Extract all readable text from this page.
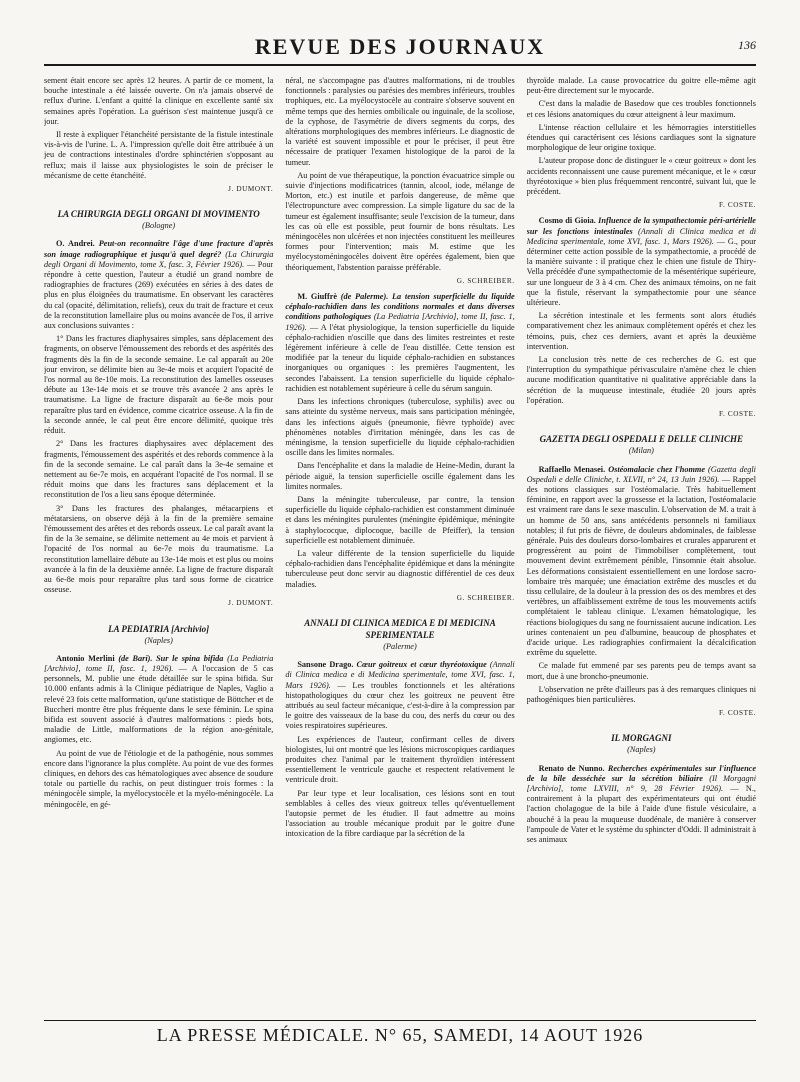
REVUE DES JOURNAUX	136

sement était encore sec après 12 heures. A partir de ce moment, la bouche intestinale a été laissée ouverte. On n'a jamais observé de reflux d'urine. L'enfant a quitté la clinique en excellente santé six semaines après l'opération. La guérison s'est maintenue jusqu'à ce jour.

Il reste à expliquer l'étanchéité persistante de la fistule intestinale vis-à-vis de l'urine. L. A. l'impression qu'elle doit être attribuée à un jeu de contractions intestinales d'ordre sphinctérien s'opposant au reflux; mais il laisse aux physiologistes le soin de préciser le mécanisme de cette étanchéité.

J. DUMONT.
LA CHIRURGIA DEGLI ORGANI DI MOVIMENTO
(Bologne)

O. Andrei. Peut-on reconnaître l'âge d'une fracture d'après son image radiographique et jusqu'à quel degré? (La Chirurgia degli Organi di Movimento, tome X, fasc. 3, Février 1926). — Pour répondre à cette question, l'auteur a étudié un grand nombre de radiographies de fractures (269) exécutées en séries à des dates de plus en plus éloignées du traumatisme. En observant les caractères du cal (opacité, délimitation, reliefs), ceux du trait de fracture et ceux de la reconstitution lamellaire plus ou moins avancée de l'os, il arrive aux conclusions suivantes :

1° Dans les fractures diaphysaires simples, sans déplacement des fragments, on observe l'émoussement des rebords et des aspérités des fragments dès la fin de la seconde semaine. Le cal apparaît au 20e jour environ, se délimite bien au 3e-4e mois et acquiert l'opacité de l'os normal au 8e-10e mois. La reconstitution des lamelles osseuses débute au 13e-14e mois et se trouve très avancée 2 ans après le traumatisme. La ligne de fracture disparaît au 6e-8e mois pour reparaître plus tard en évidence, comme cicatrice osseuse. A la fin de la seconde année, le cal peut être encore délimité, quoique très réduit.

2° Dans les fractures diaphysaires avec déplacement des fragments, l'émoussement des aspérités et des rebords commence à la fin de la seconde semaine. Le cal paraît dans la 3e-4e semaine et nettement au 6e-7e mois, en acquérant l'opacité de l'os normal. Il se réduit moins que dans les fractures sans déplacement et la reconstitution de l'os a lieu sans époque déterminée.

3° Dans les fractures des phalanges, métacarpiens et métatarsiens, on observe déjà à la fin de la première semaine l'émoussement des arêtes et des rebords osseux. Le cal paraît avant la fin de la 3e semaine, se délimite nettement au 4e mois et parvient à l'opacité de l'os normal au 6e-7e mois du traumatisme. La reconstitution lamellaire débute au 13e-14e mois et est plus ou moins avancée à la fin de la deuxième année. La ligne de fracture disparaît au 6e-8e mois pour reparaître plus tard sous forme de cicatrice osseuse.

J. DUMONT.
LA PEDIATRIA [Archivio]
(Naples)

Antonio Merlini (de Bari). Sur le spina bifida (La Pediatria [Archivio], tome II, fasc. 1, 1926). — A l'occasion de 5 cas personnels, M. publie une étude détaillée sur le spina bifida. Sur 10.000 enfants admis à la Clinique pédiatrique de Naples, Vaglio a relevé 23 fois cette malformation, qu'une statistique de Böttcher et de Buccheri montre être plus fréquente dans le sexe féminin. Le spina bifida est souvent associé à d'autres malformations : pieds bots, maladie de Little, malformations de la région ano-génitale, angiomes, etc.

Au point de vue de l'étiologie et de la pathogénie, nous sommes encore dans l'ignorance la plus complète. Au point de vue des formes cliniques, en dehors des cas hématologiques avec absence de soudure totale ou partielle du rachis, on peut distinguer trois formes : la méningocèle simple, la myélocystocèle et la myélo-méningocèle. La méningocèle, en gé-

néral, ne s'accompagne pas d'autres malformations, ni de troubles fonctionnels : paralysies ou parésies des membres inférieurs, troubles trophiques, etc. La myélocystocèle au contraire s'observe souvent en même temps que des hernies ombilicale ou inguinale, de la scoliose, de la cyphose, de l'asymétrie de divers segments du corps, des altérations morphologiques des membres inférieurs. Le diagnostic de la variété est souvent impossible et pour le préciser, il peut être nécessaire de pratiquer l'examen histologique de la paroi de la tumeur.

Au point de vue thérapeutique, la ponction évacuatrice simple ou suivie d'injections modificatrices (tannin, alcool, iode, mélange de Morton, etc.) est inutile et parfois dangereuse, de même que l'électropuncture avec compression. La simple ligature du sac de la tumeur est également insuffisante; seule l'excision de la tumeur, dans les cas où elle est possible, peut fournir de bons résultats. Les méningocèles non ulcérées et non injectées constituent les meilleures formes pour l'intervention; mais M. estime que les myélocystoméningocèles doivent être opérées également, bien que théoriquement, l'abstention paraisse préférable.

G. SCHREIBER.

M. Giuffrè (de Palerme). La tension superficielle du liquide céphalo-rachidien dans les conditions normales et dans diverses conditions pathologiques (La Pediatria [Archivio], tome II, fasc. 1, 1926). — A l'état physiologique, la tension superficielle du liquide céphalo-rachidien n'oscille que dans des limites restreintes et reste légèrement inférieure à celle de l'eau distillée. Cette tension est modifiée par la teneur du liquide céphalo-rachidien en substances inorganiques ou organiques : les premières l'augmentent, les secondes l'abaissent. La tension superficielle du liquide céphalo-rachidien est notablement supérieure à celle du sérum sanguin.

Dans les infections chroniques (tuberculose, syphilis) avec ou sans atteinte du système nerveux, mais sans participation méningée, dans les infections aiguës (pneumonie, fièvre typhoïde) avec phénomènes notables d'irritation méningée, dans les cas de méningisme, la tension superficielle du liquide céphalo-rachidien oscille dans les limites normales.

Dans l'encéphalite et dans la maladie de Heine-Medin, durant la période aiguë, la tension superficielle oscille également dans les limites normales.

Dans la méningite tuberculeuse, par contre, la tension superficielle du liquide céphalo-rachidien est constamment diminuée et dans les méningites purulentes (méningite épidémique, méningite à staphylococque, diplocoque, bacille de Pfeiffer), la tension superficielle est notablement diminuée.

La valeur différente de la tension superficielle du liquide céphalo-rachidien dans l'encéphalite épidémique et dans la méningite tuberculeuse peut donc servir au diagnostic différentiel de ces deux maladies.

G. SCHREIBER.
ANNALI DI CLINICA MEDICA E DI MEDICINA SPERIMENTALE
(Palerme)

Sansone Drago. Cœur goitreux et cœur thyréotoxique (Annali di Clinica medica e di Medicina sperimentale, tome XVI, fasc. 1, Mars 1926). — Les troubles fonctionnels et les altérations histopathologiques du cœur chez les goitreux ne peuvent être attribués au seul facteur mécanique, c'est-à-dire à la compression par le goitre des vaisseaux de la base du cou, des nerfs du cœur ou des voies respiratoires supérieures.

Les expériences de l'auteur, confirmant celles de divers biologistes, lui ont montré que les lésions microscopiques cardiaques produites chez l'animal par le traitement thyroïdien intéressent essentiellement le ventricule gauche et respectent relativement le ventricule droit.

Par leur type et leur localisation, ces lésions sont en tout semblables à celles des vieux goitreux telles qu'éventuellement l'autopsie permet de les étudier. Il faut admettre au moins l'association au trouble mécanique produit par le goitre d'une intoxication de la fibre cardiaque par la sécrétion de la

thyroïde malade. La cause provocatrice du goitre elle-même agit peut-être directement sur le myocarde.

C'est dans la maladie de Basedow que ces troubles fonctionnels et ces lésions anatomiques du cœur atteignent à leur maximum.

L'intense réaction cellulaire et les hémorragies interstitielles étendues qui caractérisent ces lésions cardiaques sont la signature morphologique de leur origine toxique.

L'auteur propose donc de distinguer le « cœur goitreux » dont les accidents reconnaissent une cause purement mécanique, et le « cœur thyréotoxique » bien plus fréquemment rencontré, suivant lui, que le précédent.

F. COSTE.

Cosmo di Gioia. Influence de la sympathectomie péri-artérielle sur les fonctions intestinales (Annali di Clinica medica et di Medicina sperimentale, tome XVI, fasc. 1, Mars 1926). — G., pour déterminer cette action possible de la sympathectomie, a procédé de la manière suivante : il pratique chez le chien une fistule de Thiry-Vella précédée d'une sympathectomie de la mésentérique supérieure, sur une longueur de 3 à 4 cm. Chez des animaux témoins, on ne fait que la fistule, réservant la sympathectomie pour une séance ultérieure.

La sécrétion intestinale et les ferments sont alors étudiés comparativement chez les animaux complètement opérés et chez les témoins, puis, chez ces derniers, avant et après la deuxième intervention.

La conclusion très nette de ces recherches de G. est que l'interruption du sympathique périvasculaire n'amène chez le chien aucune modification quantitative ni qualitative appréciable dans la sécrétion de la muqueuse intestinale, étudiée 20 jours après l'opération.

F. COSTE.
GAZETTA DEGLI OSPEDALI E DELLE CLINICHE
(Milan)

Raffaello Menasei. Ostéomalacie chez l'homme (Gazetta degli Ospedali e delle Cliniche, t. XLVII, n° 24, 13 Juin 1926). — Rappel des notions classiques sur l'ostéomalacie. Très habituellement féminine, en rapport avec la grossesse et la lactation, l'ostéomalacie est vraiment rare dans le sexe masculin. L'observation de M. a trait à un homme de 50 ans, sans antécédents personnels ni familiaux notables; il fut pris de fièvre, de douleurs abdominales, de faiblesse générale. Puis des douleurs dorso-lombaires et crurales apparurent et progressèrent au point de l'immobiliser complètement, tout mouvement devint extrêmement pénible, l'insomnie était absolue. Les déformations consistaient essentiellement en une lordose sacro-lombaire très marquée; une émaciation extrême des muscles et du tissu cellulaire, de la douleur à la pression des os des membres et des vertèbres, un affaiblissement extrême de tous les mouvements actifs complétaient le tableau clinique. L'examen hématologique, les réactions biologiques du sang ne fournissaient aucune indication. Les urines contenaient un peu d'albumine, beaucoup de phosphates et d'acide urique. Les radiographies confirmaient la décalcification extrême du squelette.

Ce malade fut emmené par ses parents peu de temps avant sa mort, due à une broncho-pneumonie.

L'observation ne prête d'ailleurs pas à des remarques cliniques ni pathogéniques bien particulières.

F. COSTE.
IL MORGAGNI
(Naples)

Renato de Nunno. Recherches expérimentales sur l'influence de la bile desséchée sur la sécrétion biliaire (Il Morgagni [Archivio], tome LXVIII, n° 9, 28 Février 1926). — N., contrairement à la plupart des expérimentateurs qui ont étudié l'action cholagogue de la bile à l'aide d'une fistule vésiculaire, a abouché à la peau la muqueuse duodénale, de manière à conserver l'ampoule de Vater et le système du sphincter d'Oddi. Il administrait à ses animaux

LA PRESSE MÉDICALE. N° 65, SAMEDI, 14 AOUT 1926
